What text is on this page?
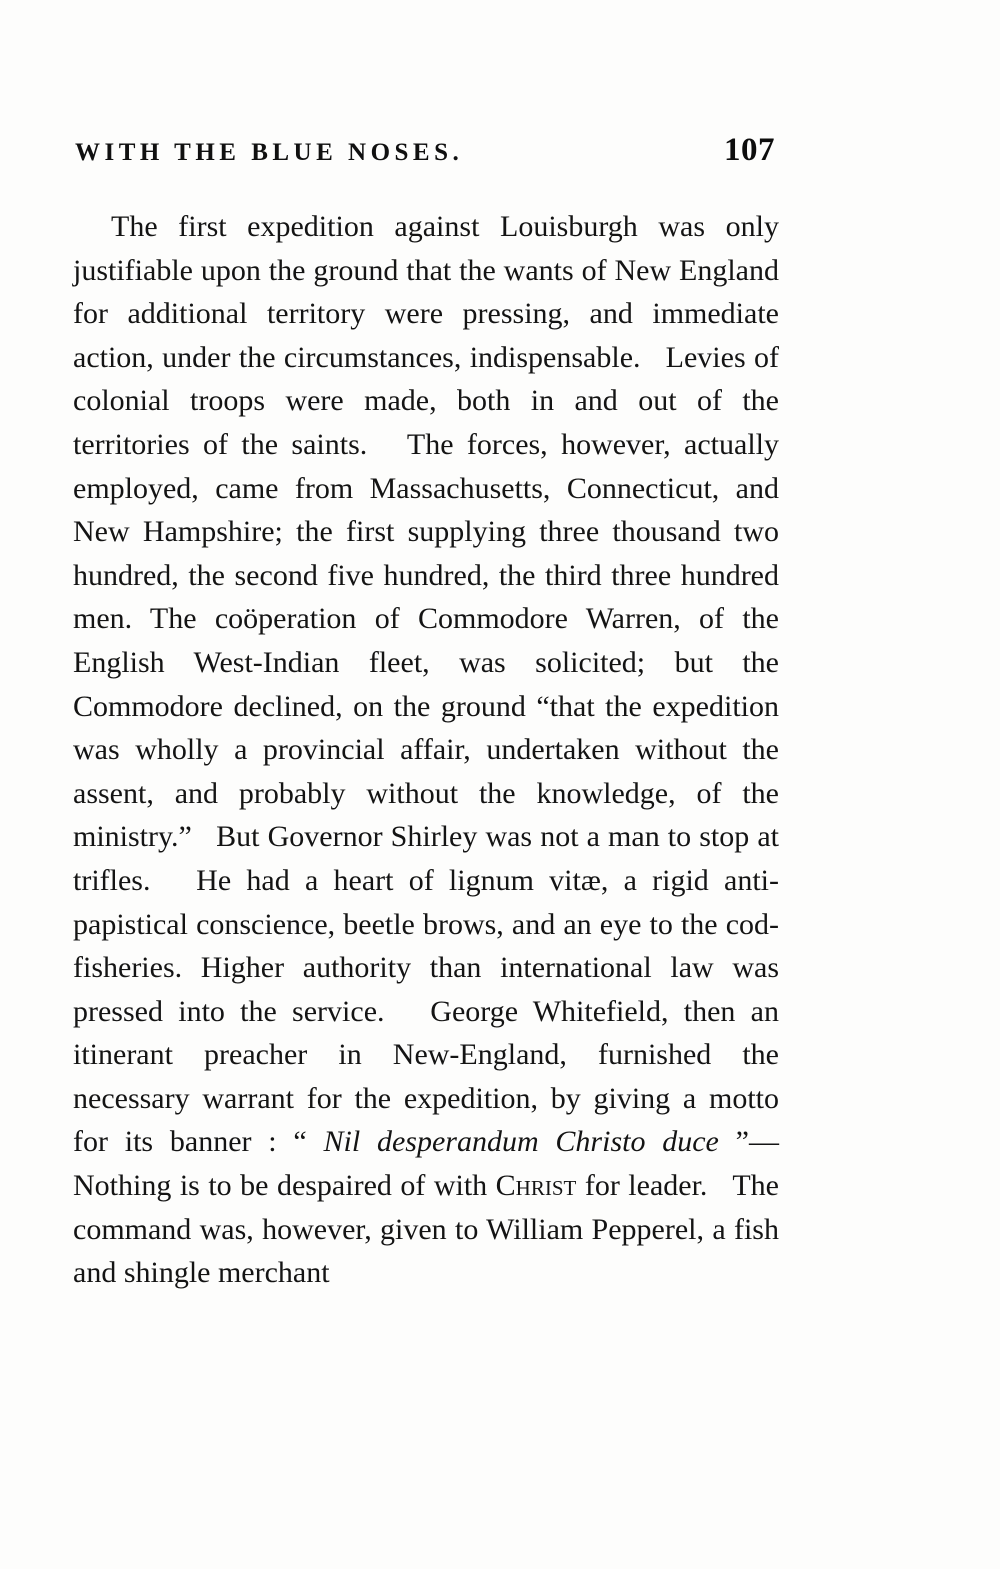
WITH THE BLUE NOSES.	107

The first expedition against Louisburgh was only justifiable upon the ground that the wants of New England for additional territory were pressing, and immediate action, under the circumstances, indispensable.   Levies of colonial troops were made, both in and out of the territories of the saints.   The forces, however, actually employed, came from Massachusetts, Connecticut, and New Hampshire; the first supplying three thousand two hundred, the second five hundred, the third three hundred men. The coöperation of Commodore Warren, of the English West-Indian fleet, was solicited; but the Commodore declined, on the ground “that the expedition was wholly a provincial affair, undertaken without the assent, and probably without the knowledge, of the ministry.”   But Governor Shirley was not a man to stop at trifles.   He had a heart of lignum vitæ, a rigid anti-papistical conscience, beetle brows, and an eye to the cod-fisheries. Higher authority than international law was pressed into the service.   George Whitefield, then an itinerant preacher in New-England, furnished the necessary warrant for the expedition, by giving a motto for its banner : “ Nil desperandum Christo duce ”—Nothing is to be despaired of with Christ for leader.   The command was, however, given to William Pepperel, a fish and shingle merchant
